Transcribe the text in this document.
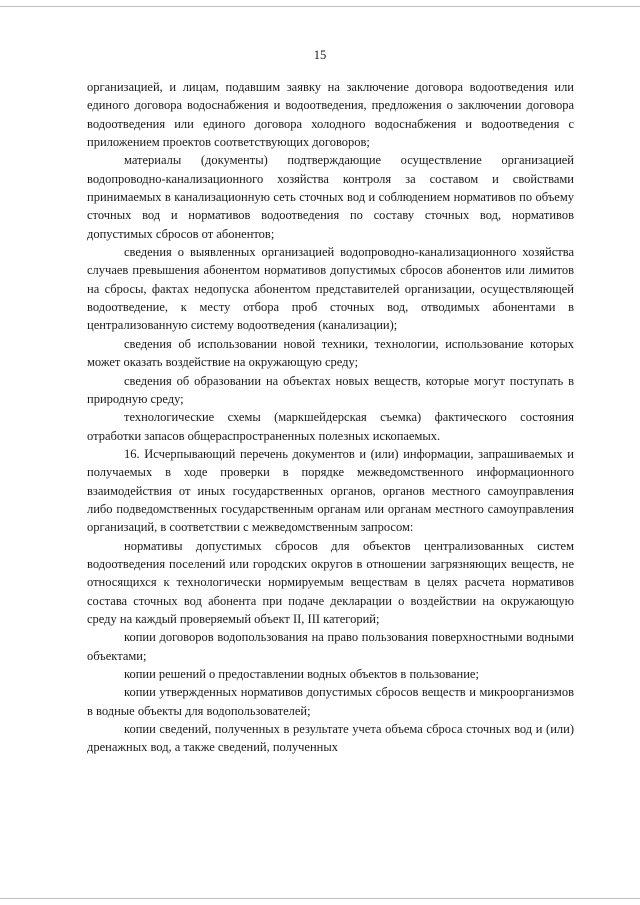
15

организацией, и лицам, подавшим заявку на заключение договора водоотведения или единого договора водоснабжения и водоотведения, предложения о заключении договора водоотведения или единого договора холодного водоснабжения и водоотведения с приложением проектов соответствующих договоров;

материалы (документы) подтверждающие осуществление организацией водопроводно-канализационного хозяйства контроля за составом и свойствами принимаемых в канализационную сеть сточных вод и соблюдением нормативов по объему сточных вод и нормативов водоотведения по составу сточных вод, нормативов допустимых сбросов от абонентов;

сведения о выявленных организацией водопроводно-канализационного хозяйства случаев превышения абонентом нормативов допустимых сбросов абонентов или лимитов на сбросы, фактах недопуска абонентом представителей организации, осуществляющей водоотведение, к месту отбора проб сточных вод, отводимых абонентами в централизованную систему водоотведения (канализации);

сведения об использовании новой техники, технологии, использование которых может оказать воздействие на окружающую среду;

сведения об образовании на объектах новых веществ, которые могут поступать в природную среду;

технологические схемы (маркшейдерская съемка) фактического состояния отработки запасов общераспространенных полезных ископаемых.

16. Исчерпывающий перечень документов и (или) информации, запрашиваемых и получаемых в ходе проверки в порядке межведомственного информационного взаимодействия от иных государственных органов, органов местного самоуправления либо подведомственных государственным органам или органам местного самоуправления организаций, в соответствии с межведомственным запросом:

нормативы допустимых сбросов для объектов централизованных систем водоотведения поселений или городских округов в отношении загрязняющих веществ, не относящихся к технологически нормируемым веществам в целях расчета нормативов состава сточных вод абонента при подаче декларации о воздействии на окружающую среду на каждый проверяемый объект II, III категорий;

копии договоров водопользования на право пользования поверхностными водными объектами;

копии решений о предоставлении водных объектов в пользование;

копии утвержденных нормативов допустимых сбросов веществ и микроорганизмов в водные объекты для водопользователей;

копии сведений, полученных в результате учета объема сброса сточных вод и (или) дренажных вод, а также сведений, полученных
